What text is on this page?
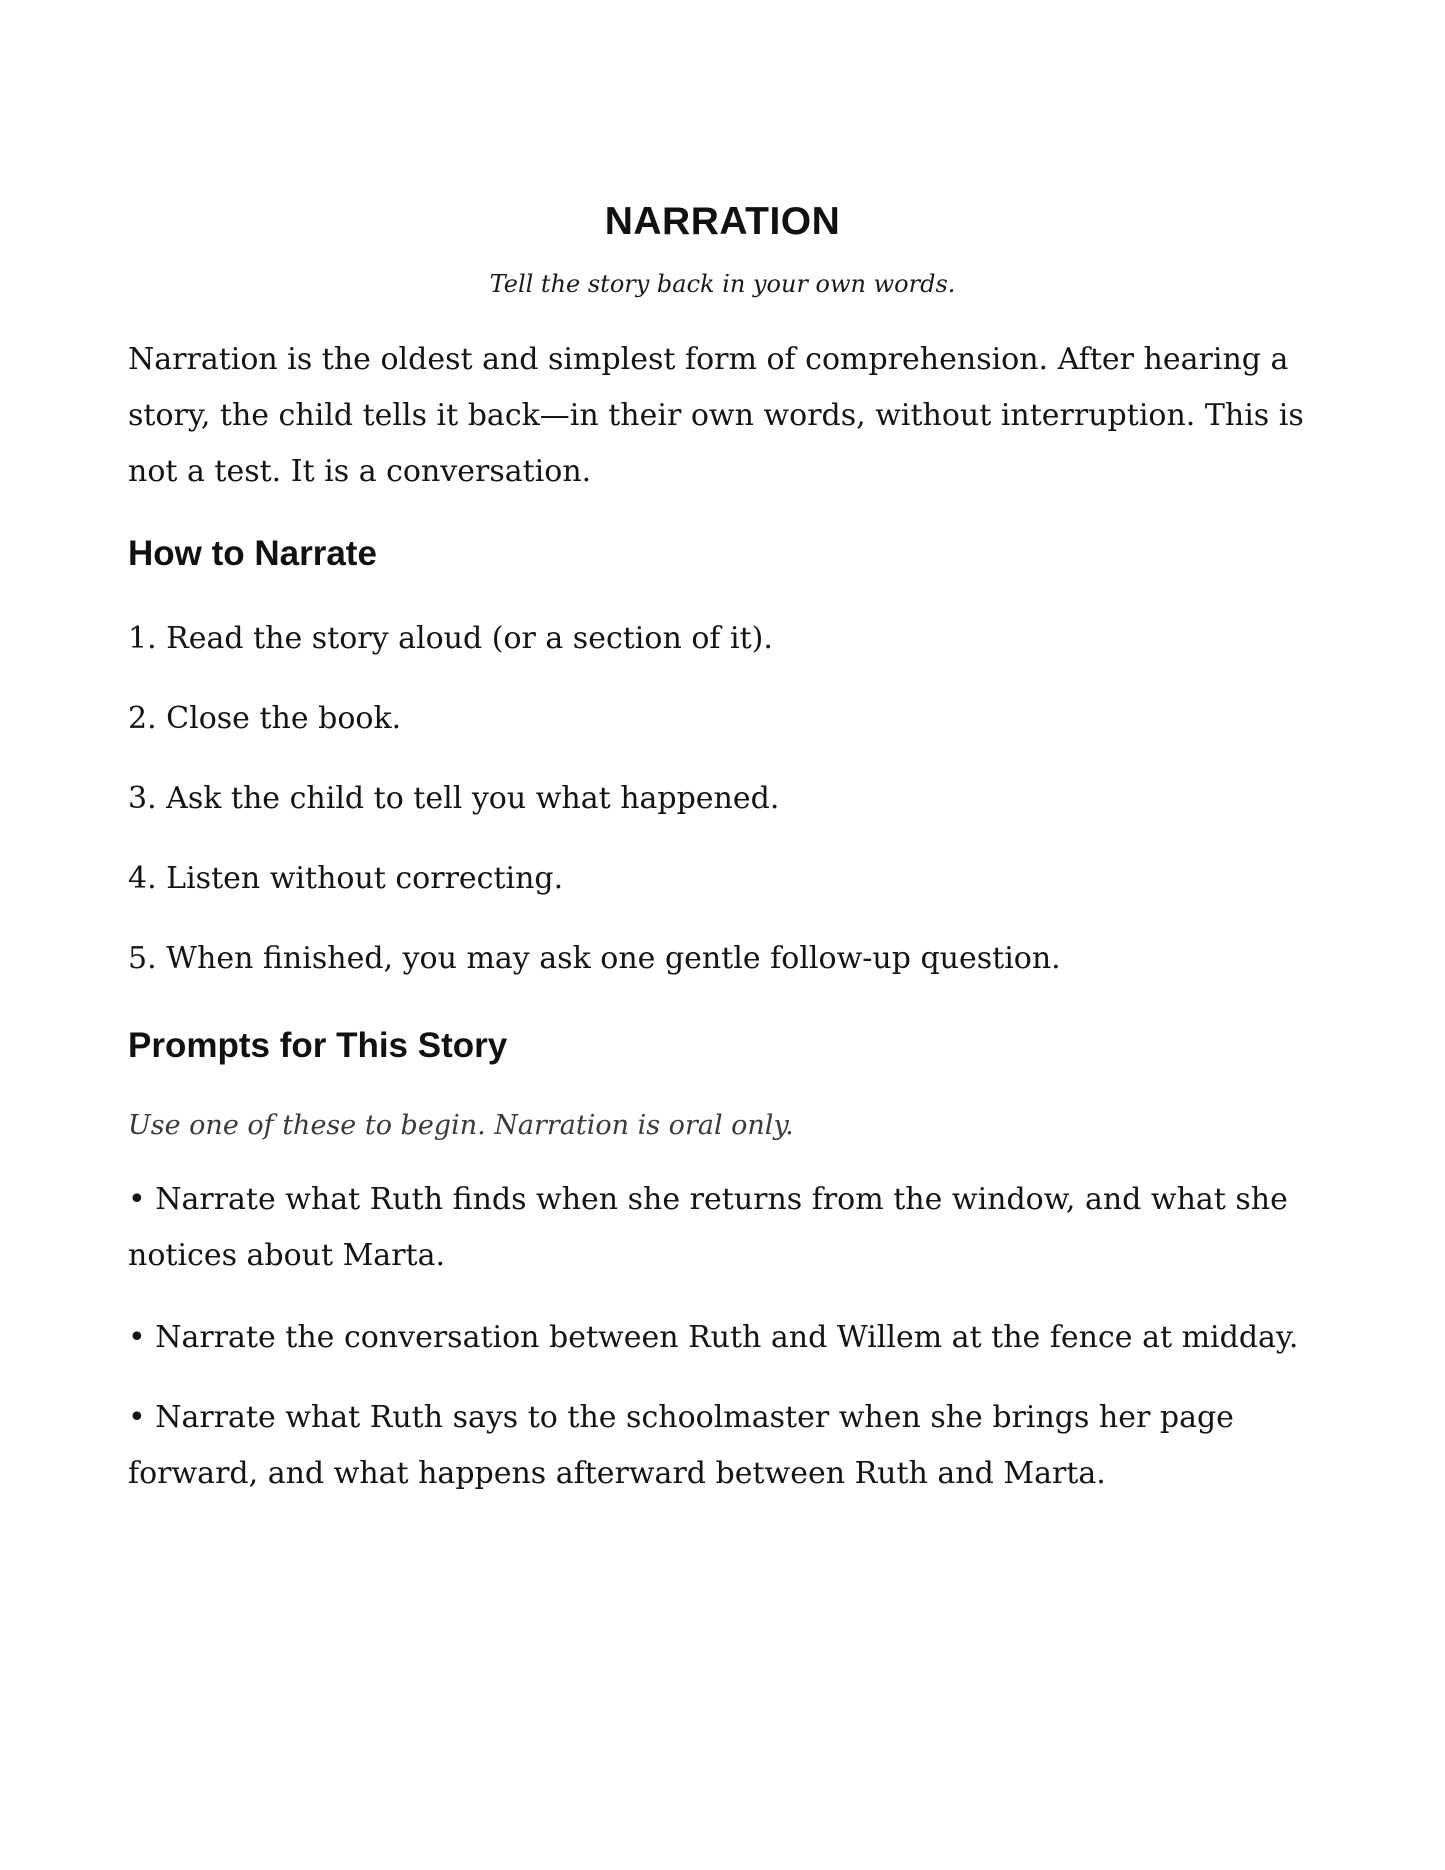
NARRATION
Tell the story back in your own words.

Narration is the oldest and simplest form of comprehension. After hearing a story, the child tells it back—in their own words, without interruption. This is not a test. It is a conversation.

How to Narrate

1. Read the story aloud (or a section of it).

2. Close the book.

3. Ask the child to tell you what happened.

4. Listen without correcting.

5. When finished, you may ask one gentle follow-up question.

Prompts for This Story

Use one of these to begin. Narration is oral only.

• Narrate what Ruth finds when she returns from the window, and what she notices about Marta.

• Narrate the conversation between Ruth and Willem at the fence at midday.

• Narrate what Ruth says to the schoolmaster when she brings her page forward, and what happens afterward between Ruth and Marta.
